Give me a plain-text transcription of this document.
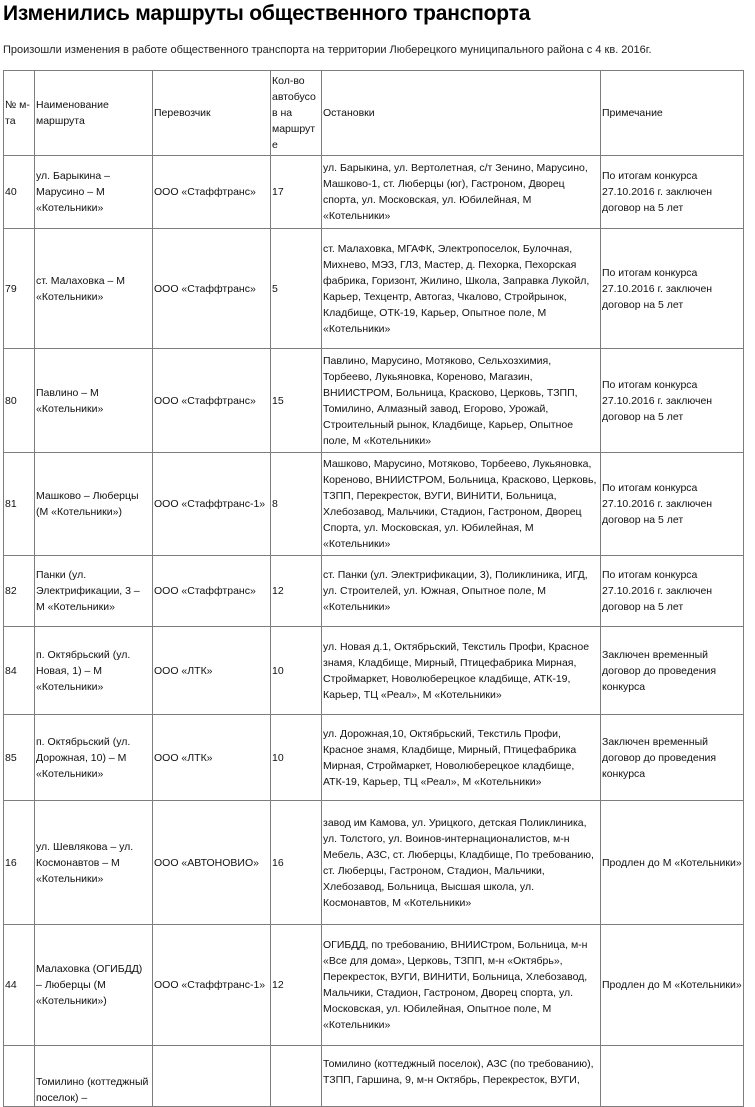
Изменились маршруты общественного транспорта

Произошли изменения в работе общественного транспорта на территории Люберецкого муниципального района с 4 кв. 2016г.

№ м-та	Наименование маршрута	Перевозчик	Кол-во автобусов на маршруте	Остановки	Примечание
40	ул. Барыкина – Марусино – М «Котельники»	ООО «Стаффтранс»	17	ул. Барыкина, ул. Вертолетная, с/т Зенино, Марусино, Машково-1, ст. Люберцы (юг), Гастроном, Дворец спорта, ул. Московская, ул. Юбилейная, М «Котельники»	По итогам конкурса 27.10.2016 г. заключен договор на 5 лет
79	ст. Малаховка – М «Котельники»	ООО «Стаффтранс»	5	ст. Малаховка, МГАФК, Электропоселок, Булочная, Михнево, МЭЗ, ГЛЗ, Мастер, д. Пехорка, Пехорская фабрика, Горизонт, Жилино, Школа, Заправка Лукойл, Карьер, Техцентр, Автогаз, Чкалово, Стройрынок, Кладбище, ОТК-19, Карьер, Опытное поле, М «Котельники»	По итогам конкурса 27.10.2016 г. заключен договор на 5 лет
80	Павлино – М «Котельники»	ООО «Стаффтранс»	15	Павлино, Марусино, Мотяково, Сельхозхимия, Торбеево, Лукьяновка, Кореново, Магазин, ВНИИСТРОМ, Больница, Красково, Церковь, ТЗПП, Томилино, Алмазный завод, Егорово, Урожай, Строительный рынок, Кладбище, Карьер, Опытное поле, М «Котельники»	По итогам конкурса 27.10.2016 г. заключен договор на 5 лет
81	Машково – Люберцы (М «Котельники»)	ООО «Стаффтранс-1»	8	Машково, Марусино, Мотяково, Торбеево, Лукьяновка, Кореново, ВНИИСТРОМ, Больница, Красково, Церковь, ТЗПП, Перекресток, ВУГИ, ВИНИТИ, Больница, Хлебозавод, Мальчики, Стадион, Гастроном, Дворец Спорта, ул. Московская, ул. Юбилейная, М «Котельники»	По итогам конкурса 27.10.2016 г. заключен договор на 5 лет
82	Панки (ул. Электрификации, 3 – М «Котельники»	ООО «Стаффтранс»	12	ст. Панки (ул. Электрификации, 3), Поликлиника, ИГД, ул. Строителей, ул. Южная, Опытное поле, М «Котельники»	По итогам конкурса 27.10.2016 г. заключен договор на 5 лет
84	п. Октябрьский (ул. Новая, 1) – М «Котельники»	ООО «ЛТК»	10	ул. Новая д.1, Октябрьский, Текстиль Профи, Красное знамя, Кладбище, Мирный, Птицефабрика Мирная, Строймаркет, Новолюберецкое кладбище, АТК-19, Карьер, ТЦ «Реал», М «Котельники»	Заключен временный договор до проведения конкурса
85	п. Октябрьский (ул. Дорожная, 10) – М «Котельники»	ООО «ЛТК»	10	ул. Дорожная,10, Октябрьский, Текстиль Профи, Красное знамя, Кладбище, Мирный, Птицефабрика Мирная, Строймаркет, Новолюберецкое кладбище, АТК-19, Карьер, ТЦ «Реал», М «Котельники»	Заключен временный договор до проведения конкурса
16	ул. Шевлякова – ул. Космонавтов – М «Котельники»	ООО «АВТОНОВИО»	16	завод им Камова, ул. Урицкого, детская Поликлиника, ул. Толстого, ул. Воинов-интернационалистов, м-н Мебель, АЗС, ст. Люберцы, Кладбище, По требованию, ст. Люберцы, Гастроном, Стадион, Мальчики, Хлебозавод, Больница, Высшая школа, ул. Космонавтов, М «Котельники»	Продлен до М «Котельники»
44	Малаховка (ОГИБДД) – Люберцы (М «Котельники»)	ООО «Стаффтранс-1»	12	ОГИБДД, по требованию, ВНИИСтром, Больница, м-н «Все для дома», Церковь, ТЗПП, м-н «Октябрь», Перекресток, ВУГИ, ВИНИТИ, Больница, Хлебозавод, Мальчики, Стадион, Гастроном, Дворец спорта, ул. Московская, ул. Юбилейная, Опытное поле, М «Котельники»	Продлен до М «Котельники»
	Томилино (коттеджный поселок) –			Томилино (коттеджный поселок), АЗС (по требованию), ТЗПП, Гаршина, 9, м-н Октябрь, Перекресток, ВУГИ,	
